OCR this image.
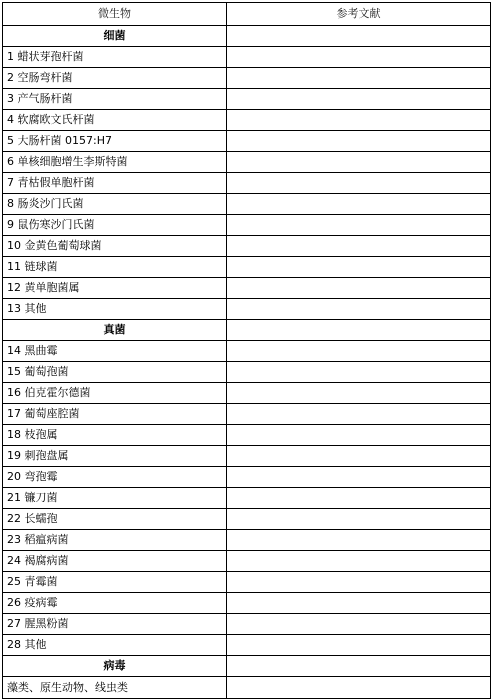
微生物	参考文献
细菌	
1 蜡状芽孢杆菌	
2 空肠弯杆菌	
3 产气肠杆菌	
4 软腐欧文氏杆菌	
5 大肠杆菌 0157:H7	
6 单核细胞增生李斯特菌	
7 青枯假单胞杆菌	
8 肠炎沙门氏菌	
9 鼠伤寒沙门氏菌	
10 金黄色葡萄球菌	
11 链球菌	
12 黄单胞菌属	
13 其他	
真菌	
14 黑曲霉	
15 葡萄孢菌	
16 伯克霍尔德菌	
17 葡萄座腔菌	
18 枝孢属	
19 刺孢盘属	
20 弯孢霉	
21 镰刀菌	
22 长蠕孢	
23 稻瘟病菌	
24 褐腐病菌	
25 青霉菌	
26 疫病霉	
27 腥黑粉菌	
28 其他	
病毒	
藻类、原生动物、线虫类	
